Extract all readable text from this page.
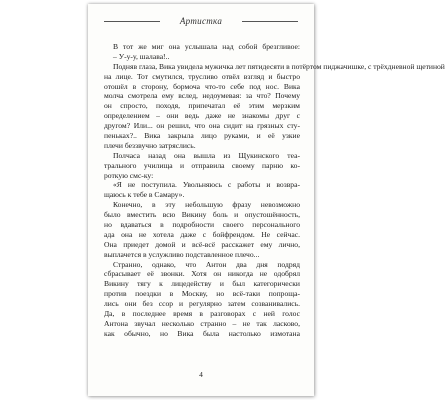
Артистка
В тот же миг она услышала над собой брезгливое:
– У-у-у, шалава!..
Подняв глаза, Вика увидела мужичка лет пятидесяти в потёртом пиджачишке, с трёхдневной щетиной
на лице. Тот смутился, трусливо отвёл взгляд и быстро
отошёл в сторону, бормоча что-то себе под нос. Вика
молча смотрела ему вслед, недоумевая: за что? Почему
он спросто, походя, припечатал её этим мерзким
определением – они ведь даже не знакомы друг с
другом? Или... он решил, что она сидит на грязных сту-
пеньках?.. Вика закрыла лицо руками, и её узкие
плечи беззвучно затряслись.
Полчаса назад она вышла из Щукинского теа-
трального училища и отправила своему парню ко-
роткую смс-ку:
«Я не поступила. Увольняюсь с работы и возвра-
щаюсь к тебе в Самару».
Конечно, в эту небольшую фразу невозможно
было вместить всю Викину боль и опустошённость,
но вдаваться в подробности своего персонального
ада она не хотела даже с бойфрендом. Не сейчас.
Она приедет домой и всё-всё расскажет ему лично,
выплачется в услужливо подставленное плечо...
Странно, однако, что Антон два дня подряд
сбрасывает её звонки. Хотя он никогда не одобрял
Викину тягу к лицедейству и был категорически
против поездки в Москву, но всё-таки попроща-
лись они без ссор и регулярно затем созванивались.
Да, в последнее время в разговорах с ней голос
Антона звучал несколько странно – не так ласково,
как обычно, но Вика была настолько измотана
4
